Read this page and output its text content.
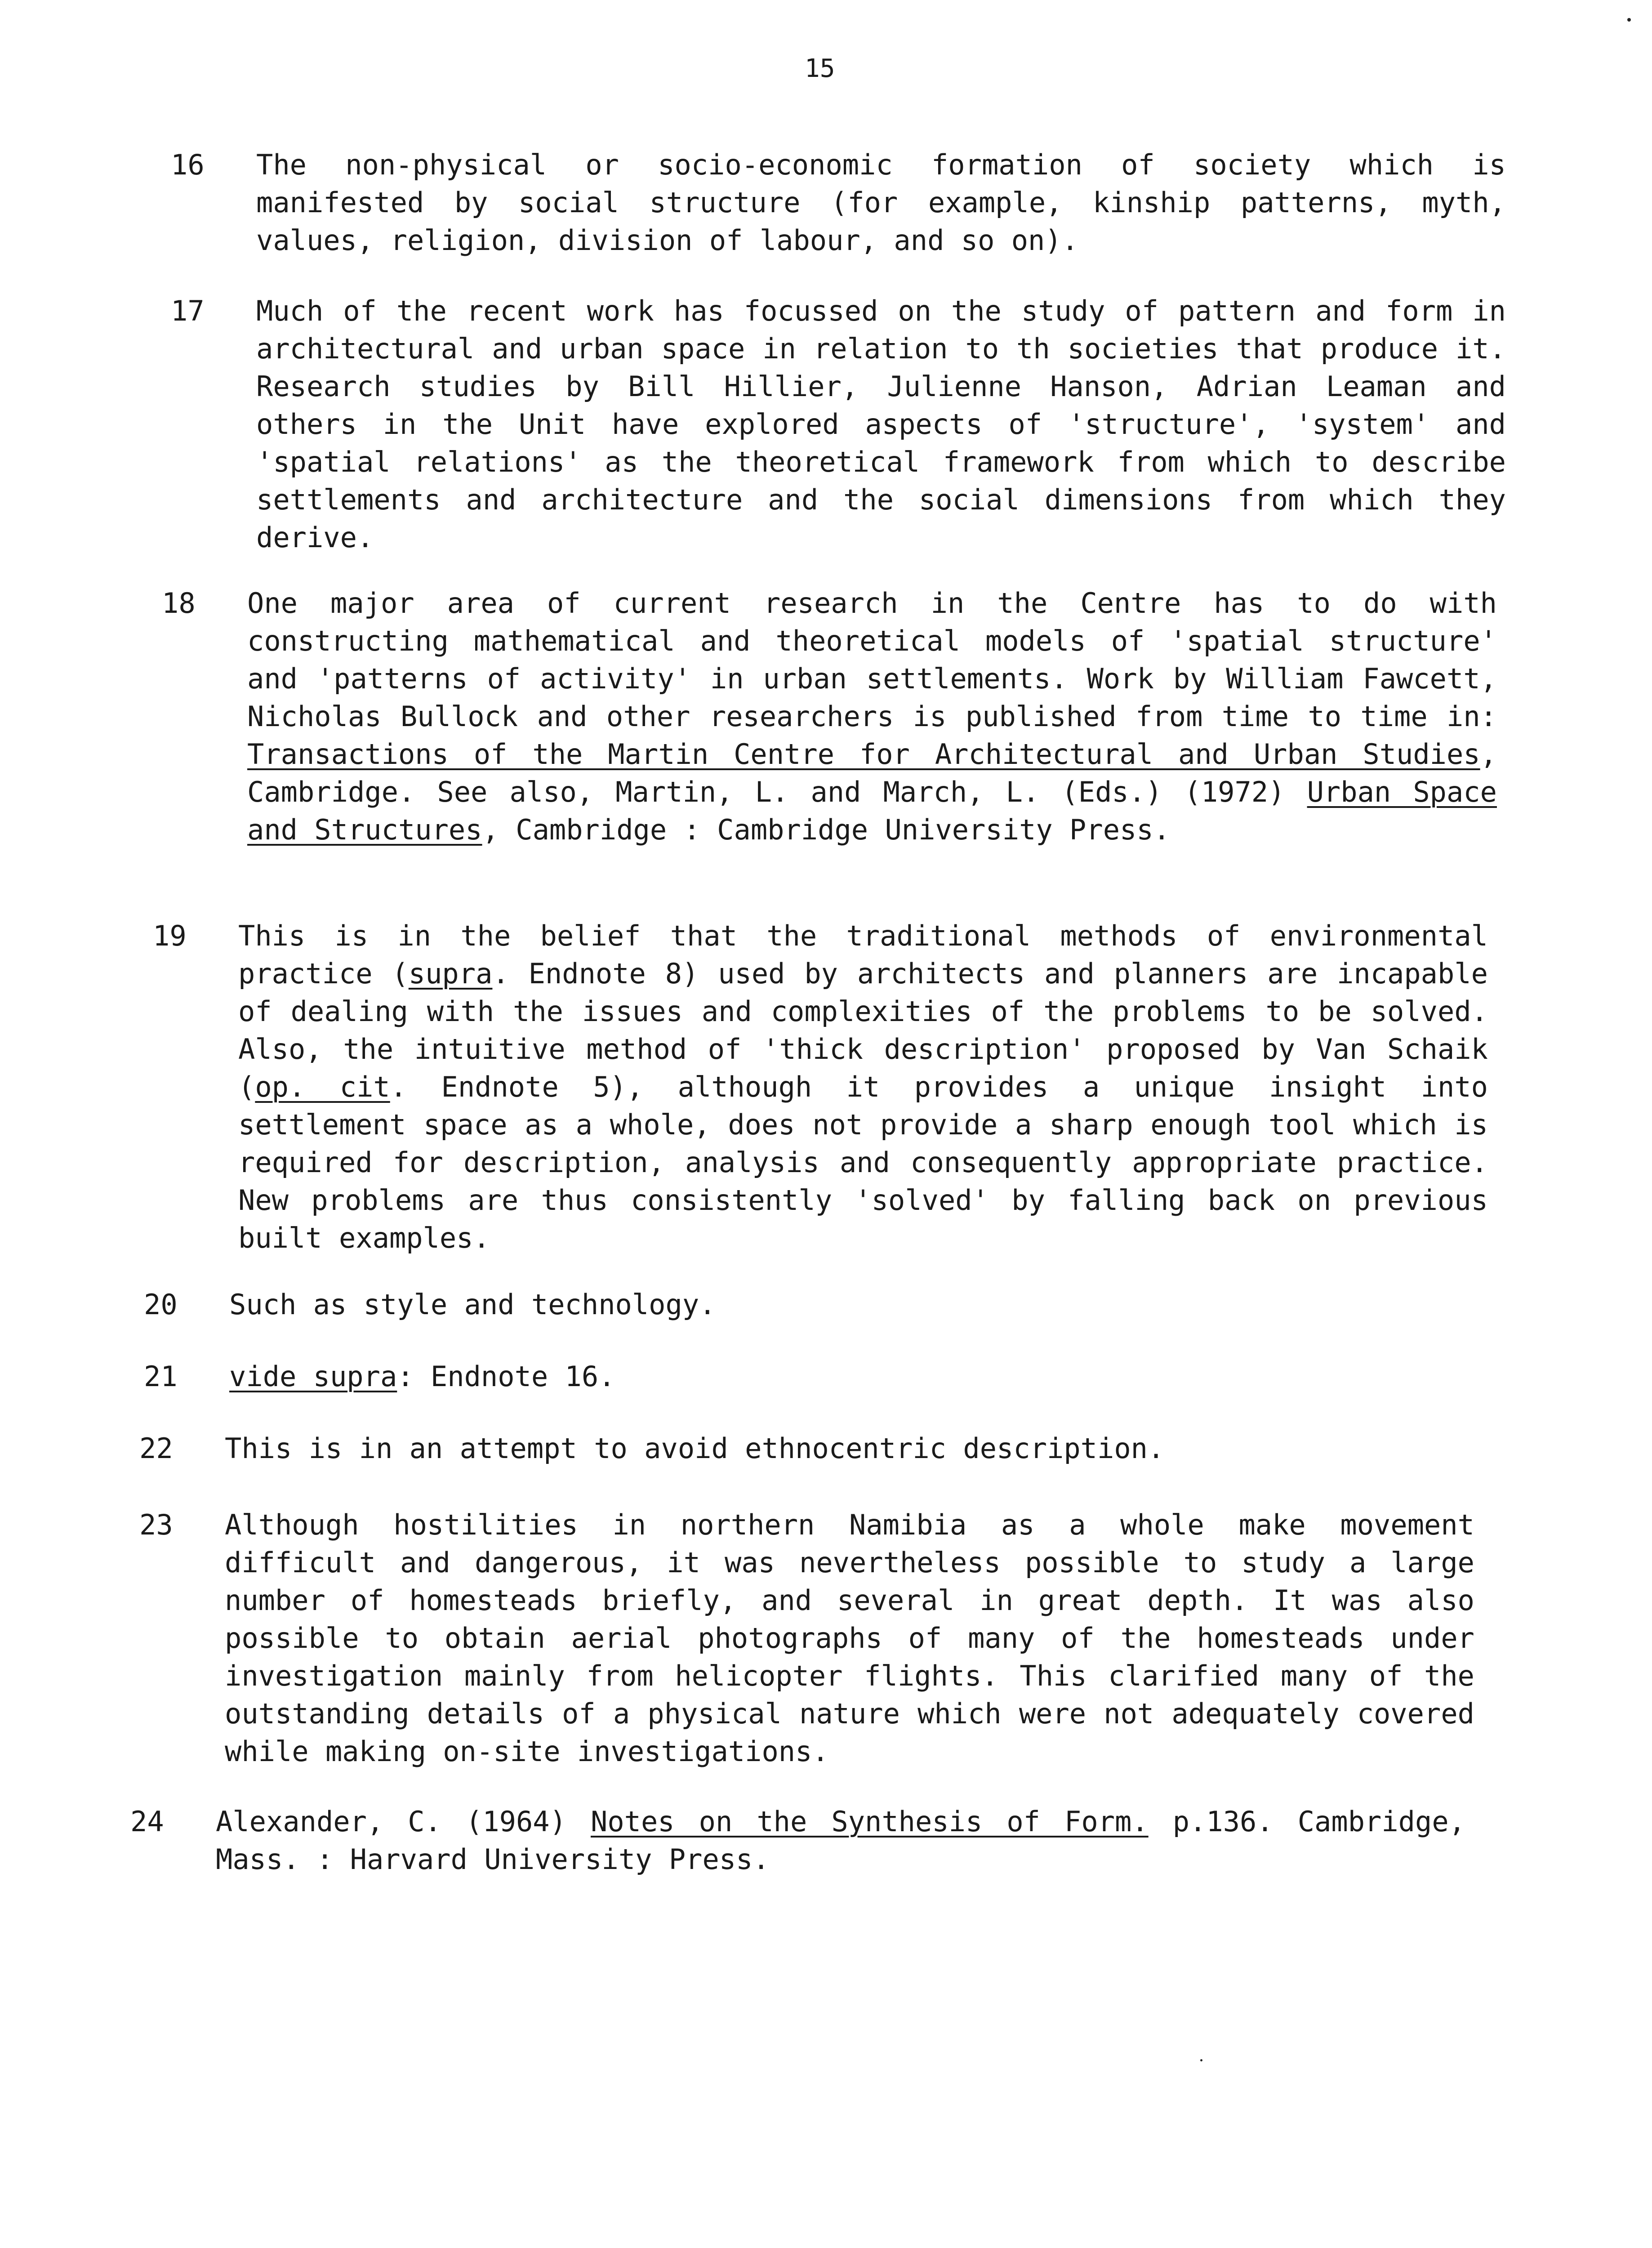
15
16 The non-physical or socio-economic formation of society which is manifested by social structure (for example, kinship patterns, myth, values, religion, division of labour, and so on).
17 Much of the recent work has focussed on the study of pattern and form in architectural and urban space in relation to th societies that produce it. Research studies by Bill Hillier, Julienne Hanson, Adrian Leaman and others in the Unit have explored aspects of 'structure', 'system' and 'spatial relations' as the theoretical framework from which to describe settlements and architecture and the social dimensions from which they derive.
18 One major area of current research in the Centre has to do with constructing mathematical and theoretical models of 'spatial structure' and 'patterns of activity' in urban settlements. Work by William Fawcett, Nicholas Bullock and other researchers is published from time to time in: Transactions of the Martin Centre for Architectural and Urban Studies, Cambridge. See also, Martin, L. and March, L. (Eds.) (1972) Urban Space and Structures, Cambridge : Cambridge University Press.
19 This is in the belief that the traditional methods of environmental practice (supra. Endnote 8) used by architects and planners are incapable of dealing with the issues and complexities of the problems to be solved. Also, the intuitive method of 'thick description' proposed by Van Schaik (op. cit. Endnote 5), although it provides a unique insight into settlement space as a whole, does not provide a sharp enough tool which is required for description, analysis and consequently appropriate practice. New problems are thus consistently 'solved' by falling back on previous built examples.
20 Such as style and technology.
21 vide supra: Endnote 16.
22 This is in an attempt to avoid ethnocentric description.
23 Although hostilities in northern Namibia as a whole make movement difficult and dangerous, it was nevertheless possible to study a large number of homesteads briefly, and several in great depth. It was also possible to obtain aerial photographs of many of the homesteads under investigation mainly from helicopter flights. This clarified many of the outstanding details of a physical nature which were not adequately covered while making on-site investigations.
24 Alexander, C. (1964) Notes on the Synthesis of Form. p.136. Cambridge, Mass. : Harvard University Press.
